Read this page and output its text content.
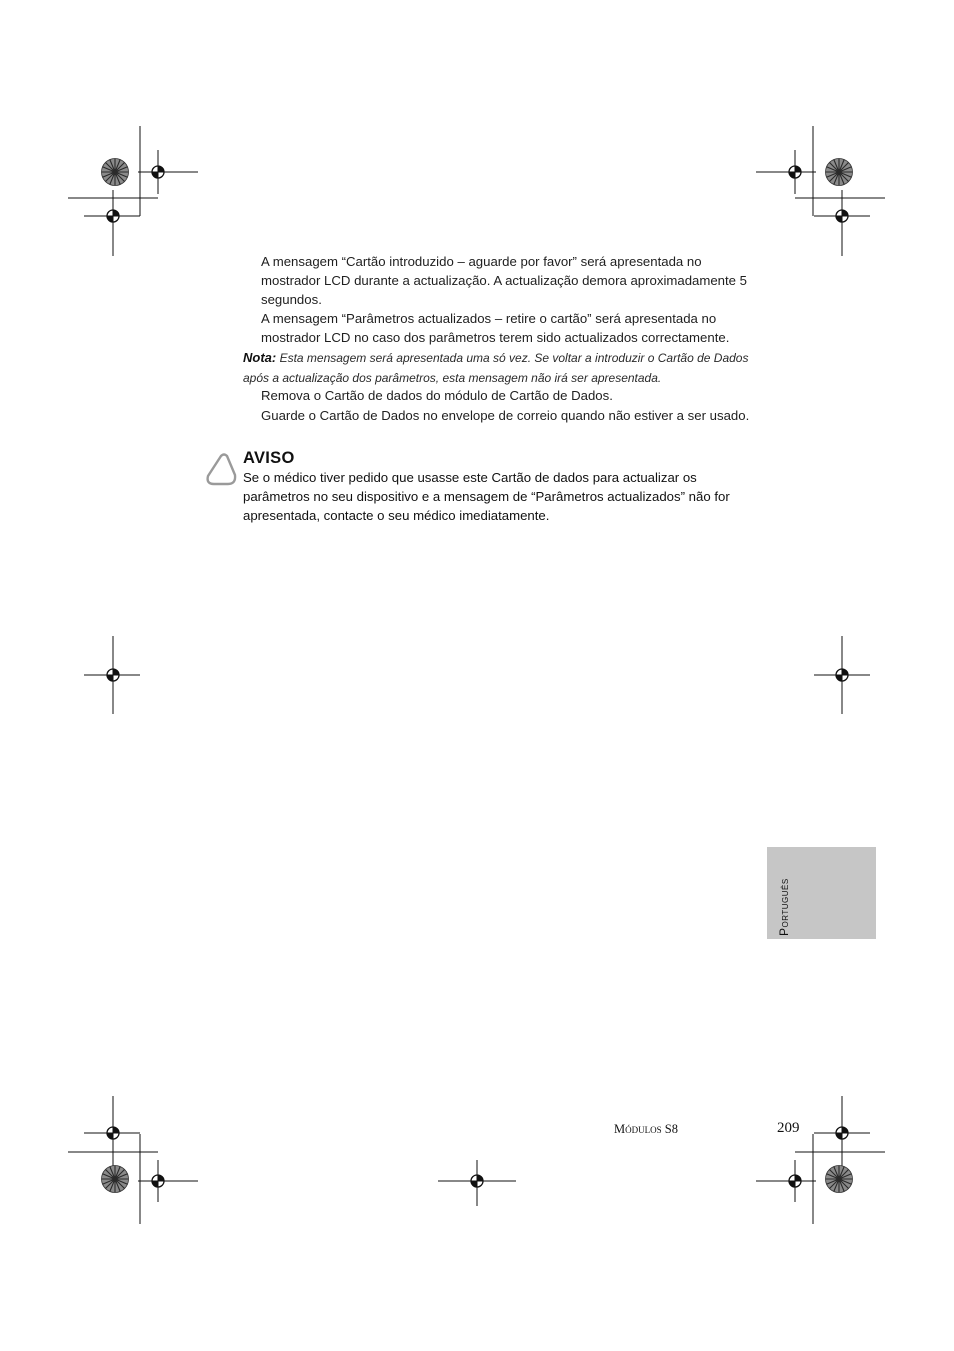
A mensagem “Cartão introduzido – aguarde por favor” será apresentada no mostrador LCD durante a actualização. A actualização demora aproximadamente 5 segundos.
A mensagem “Parâmetros actualizados – retire o cartão” será apresentada no mostrador LCD no caso dos parâmetros terem sido actualizados correctamente.
Nota: Esta mensagem será apresentada uma só vez. Se voltar a introduzir o Cartão de Dados após a actualização dos parâmetros, esta mensagem não irá ser apresentada.
Remova o Cartão de dados do módulo de Cartão de Dados.
Guarde o Cartão de Dados no envelope de correio quando não estiver a ser usado.
AVISO
Se o médico tiver pedido que usasse este Cartão de dados para actualizar os parâmetros no seu dispositivo e a mensagem de “Parâmetros actualizados” não for apresentada, contacte o seu médico imediatamente.
Português
Módulos S8	209
